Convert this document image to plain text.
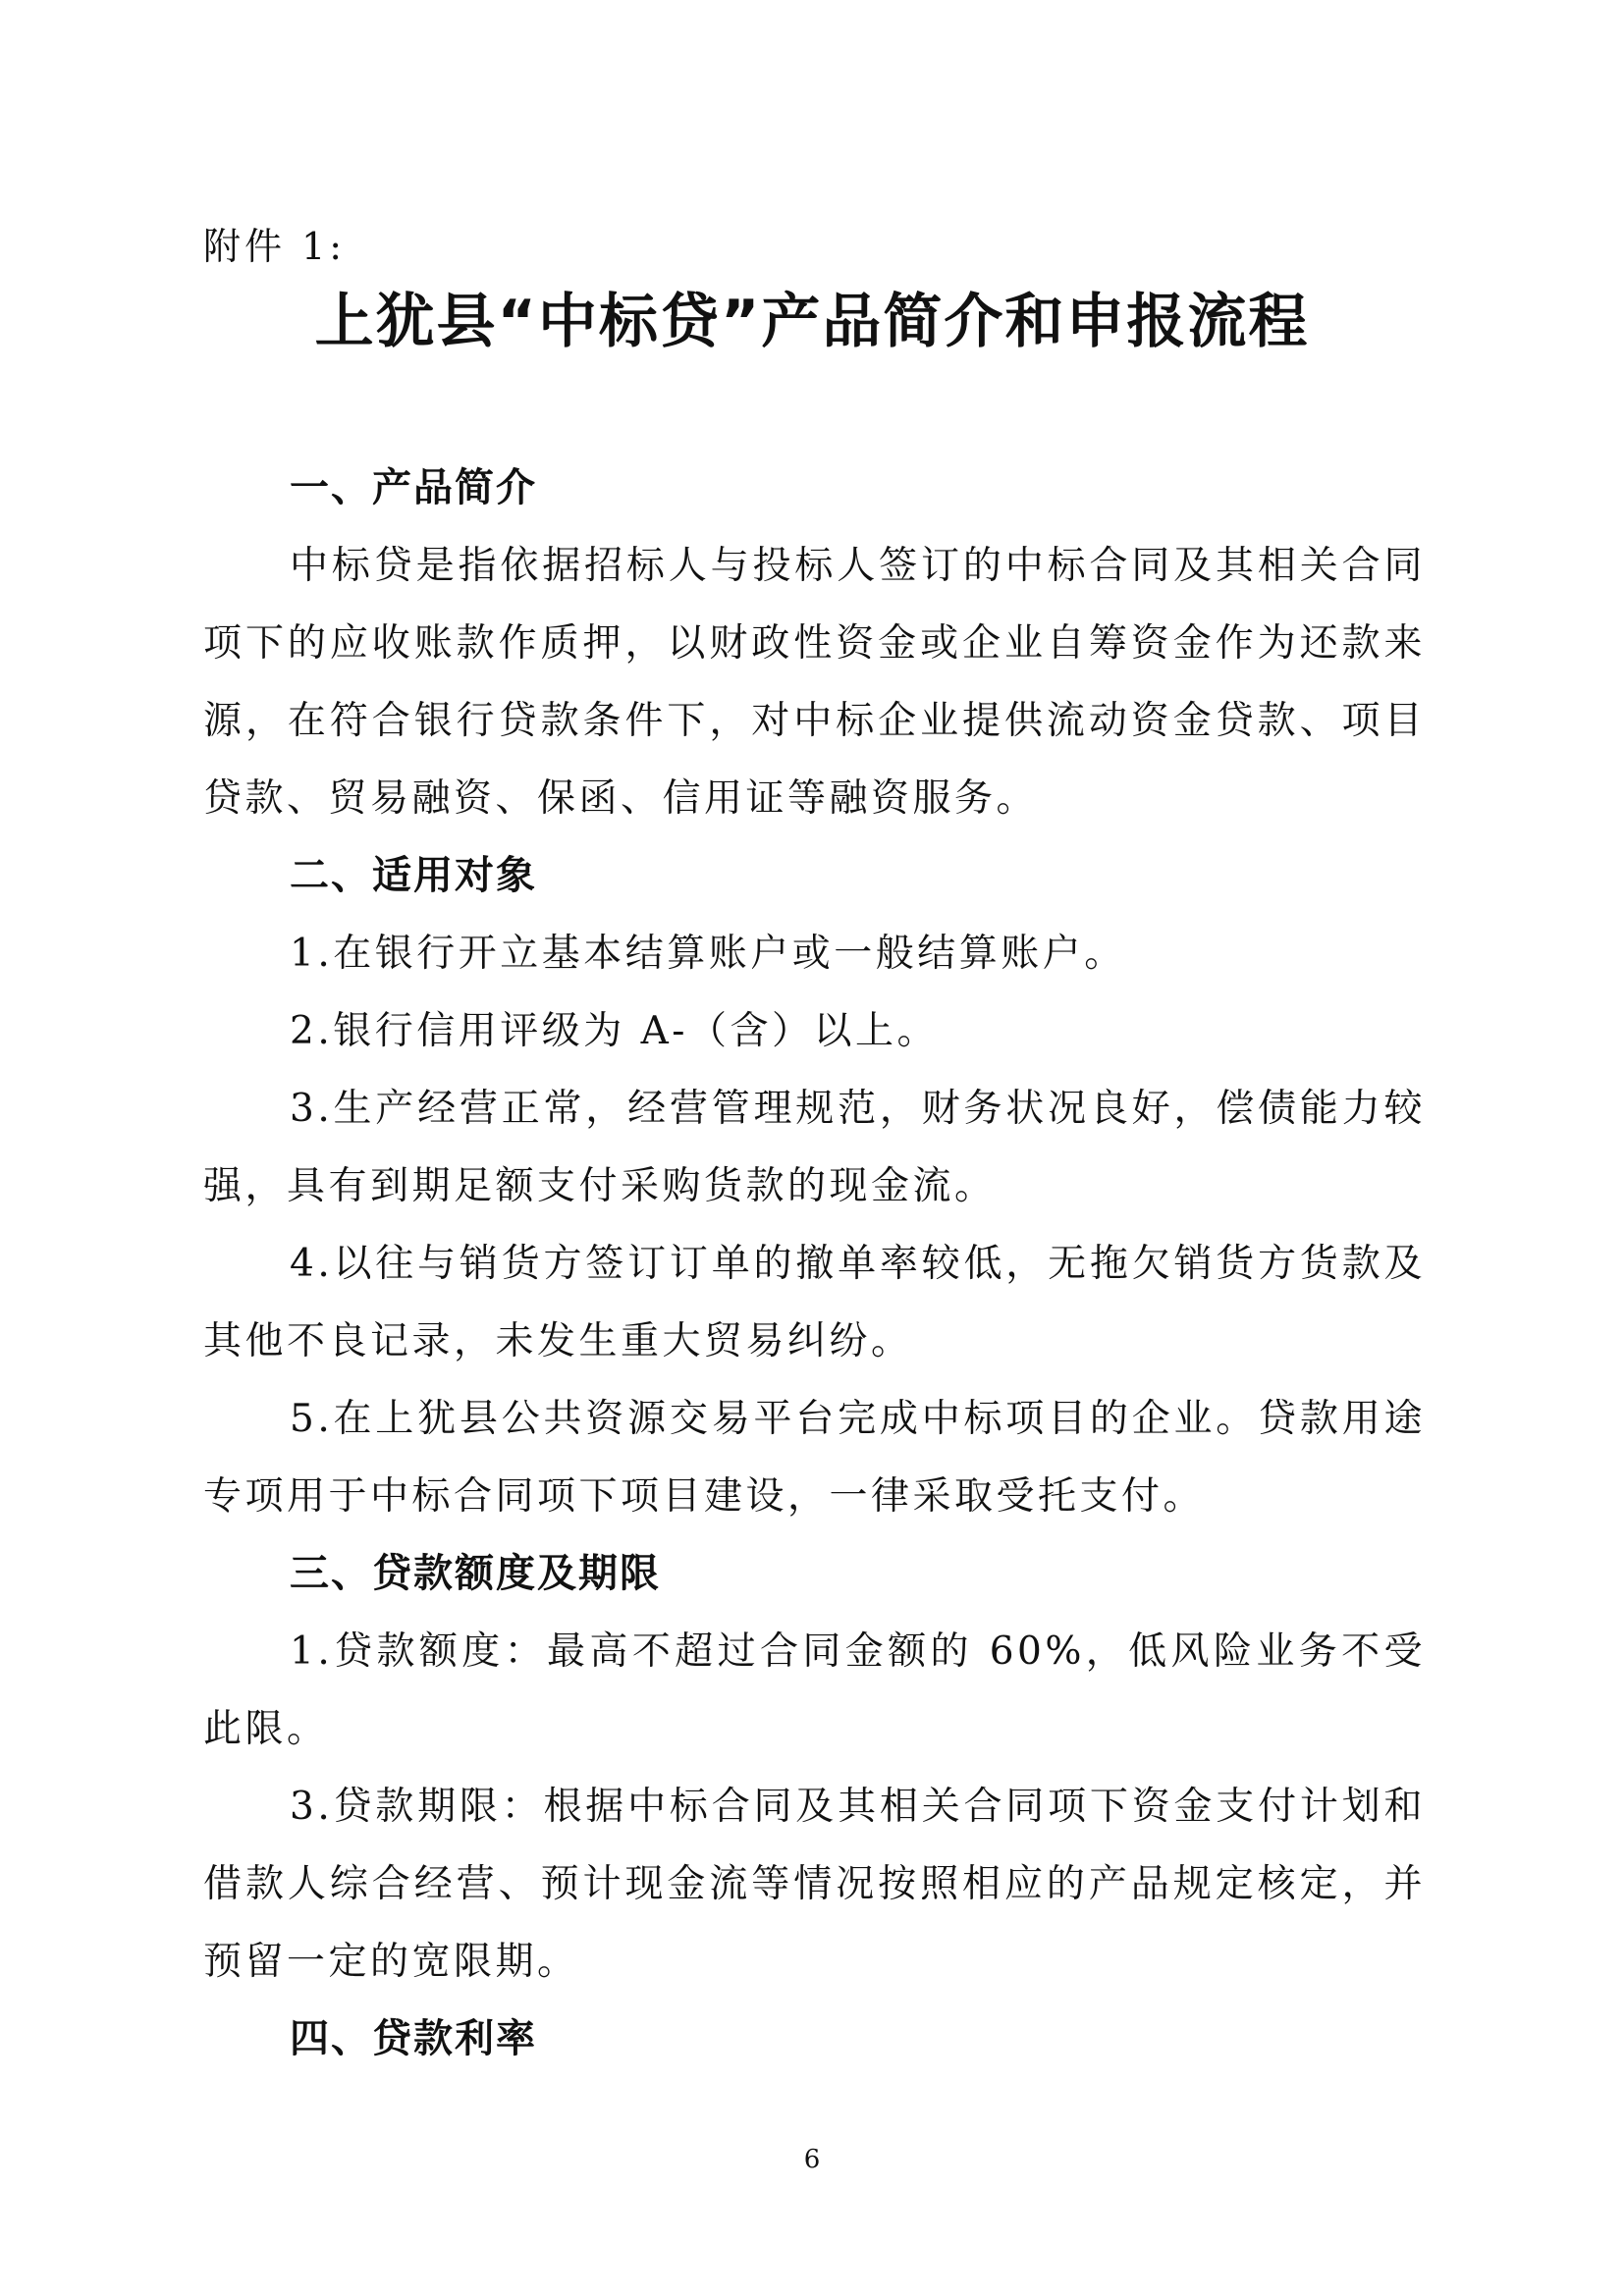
附件 1:

上犹县“中标贷”产品简介和申报流程
一、产品简介

中标贷是指依据招标人与投标人签订的中标合同及其相关合同项下的应收账款作质押，以财政性资金或企业自筹资金作为还款来源，在符合银行贷款条件下，对中标企业提供流动资金贷款、项目贷款、贸易融资、保函、信用证等融资服务。

二、适用对象

1.在银行开立基本结算账户或一般结算账户。

2.银行信用评级为 A-（含）以上。

3.生产经营正常，经营管理规范，财务状况良好，偿债能力较强，具有到期足额支付采购货款的现金流。

4.以往与销货方签订订单的撤单率较低，无拖欠销货方货款及其他不良记录，未发生重大贸易纠纷。

5.在上犹县公共资源交易平台完成中标项目的企业。贷款用途专项用于中标合同项下项目建设，一律采取受托支付。

三、贷款额度及期限

1.贷款额度：最高不超过合同金额的 60%，低风险业务不受此限。

3.贷款期限：根据中标合同及其相关合同项下资金支付计划和借款人综合经营、预计现金流等情况按照相应的产品规定核定，并预留一定的宽限期。

四、贷款利率

6
